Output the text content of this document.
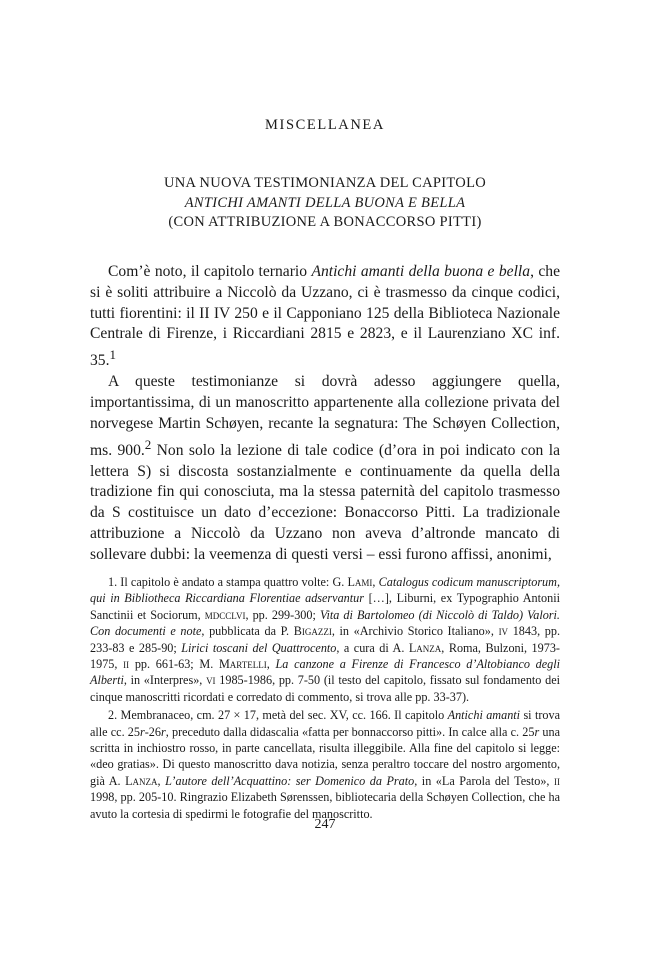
MISCELLANEA
UNA NUOVA TESTIMONIANZA DEL CAPITOLO
ANTICHI AMANTI DELLA BUONA E BELLA
(CON ATTRIBUZIONE A BONACCORSO PITTI)

Com’è noto, il capitolo ternario Antichi amanti della buona e bella, che si è soliti attribuire a Niccolò da Uzzano, ci è trasmesso da cinque codici, tutti fiorentini: il II IV 250 e il Capponiano 125 della Biblioteca Nazionale Centrale di Firenze, i Riccardiani 2815 e 2823, e il Laurenziano XC inf. 35.$^1$

A queste testimonianze si dovrà adesso aggiungere quella, importantissima, di un manoscritto appartenente alla collezione privata del norvegese Martin Schøyen, recante la segnatura: The Schøyen Collection, ms. 900.$^2$ Non solo la lezione di tale codice (d’ora in poi indicato con la lettera S) si discosta sostanzialmente e continuamente da quella della tradizione fin qui conosciuta, ma la stessa paternità del capitolo trasmesso da S costituisce un dato d’eccezione: Bonaccorso Pitti. La tradizionale attribuzione a Niccolò da Uzzano non aveva d’altronde mancato di sollevare dubbi: la veemenza di questi versi – essi furono affissi, anonimi,

1. Il capitolo è andato a stampa quattro volte: G. Lami, Catalogus codicum manuscriptorum, qui in Bibliotheca Riccardiana Florentiae adservantur […], Liburni, ex Typographio Antonii Sanctinii et Sociorum, mdcclvi, pp. 299-300; Vita di Bartolomeo (di Niccolò di Taldo) Valori. Con documenti e note, pubblicata da P. Bigazzi, in «Archivio Storico Italiano», iv 1843, pp. 233-83 e 285-90; Lirici toscani del Quattrocento, a cura di A. Lanza, Roma, Bulzoni, 1973-1975, ii pp. 661-63; M. Martelli, La canzone a Firenze di Francesco d’Altobianco degli Alberti, in «Interpres», vi 1985-1986, pp. 7-50 (il testo del capitolo, fissato sul fondamento dei cinque manoscritti ricordati e corredato di commento, si trova alle pp. 33-37).

2. Membranaceo, cm. 27 × 17, metà del sec. XV, cc. 166. Il capitolo Antichi amanti si trova alle cc. 25r-26r, preceduto dalla didascalia «fatta per bonnaccorso pitti». In calce alla c. 25r una scritta in inchiostro rosso, in parte cancellata, risulta illeggibile. Alla fine del capitolo si legge: «deo gratias». Di questo manoscritto dava notizia, senza peraltro toccare del nostro argomento, già A. Lanza, L’autore dell’Acquattino: ser Domenico da Prato, in «La Parola del Testo», ii 1998, pp. 205-10. Ringrazio Elizabeth Sørenssen, bibliotecaria della Schøyen Collection, che ha avuto la cortesia di spedirmi le fotografie del manoscritto.

247
